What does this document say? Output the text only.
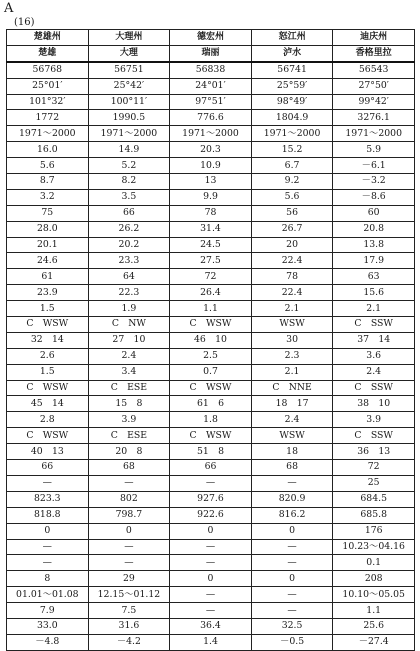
A
(16)
楚雄州	大理州	德宏州	怒江州	迪庆州
楚雄	大理	瑞丽	泸水	香格里拉
56768	56751	56838	56741	56543
25°01′	25°42′	24°01′	25°59′	27°50′
101°32′	100°11′	97°51′	98°49′	99°42′
1772	1990.5	776.6	1804.9	3276.1
1971～2000	1971～2000	1971～2000	1971～2000	1971～2000
16.0	14.9	20.3	15.2	5.9
5.6	5.2	10.9	6.7	－6.1
8.7	8.2	13	9.2	－3.2
3.2	3.5	9.9	5.6	－8.6
75	66	78	56	60
28.0	26.2	31.4	26.7	20.8
20.1	20.2	24.5	20	13.8
24.6	23.3	27.5	22.4	17.9
61	64	72	78	63
23.9	22.3	26.4	22.4	15.6
1.5	1.9	1.1	2.1	2.1
C　WSW	C　NW	C　WSW	WSW	C　SSW
32　14	27　10	46　10	30	37　14
2.6	2.4	2.5	2.3	3.6
1.5	3.4	0.7	2.1	2.4
C　WSW	C　ESE	C　WSW	C　NNE	C　SSW
45　14	15　8	61　6	18　17	38　10
2.8	3.9	1.8	2.4	3.9
C　WSW	C　ESE	C　WSW	WSW	C　SSW
40　13	20　8	51　8	18	36　13
66	68	66	68	72
—	—	—	—	25
823.3	802	927.6	820.9	684.5
818.8	798.7	922.6	816.2	685.8
0	0	0	0	176
—	—	—	—	10.23～04.16
—	—	—	—	0.1
8	29	0	0	208
01.01～01.08	12.15～01.12	—	—	10.10～05.05
7.9	7.5	—	—	1.1
33.0	31.6	36.4	32.5	25.6
－4.8	－4.2	1.4	－0.5	－27.4
